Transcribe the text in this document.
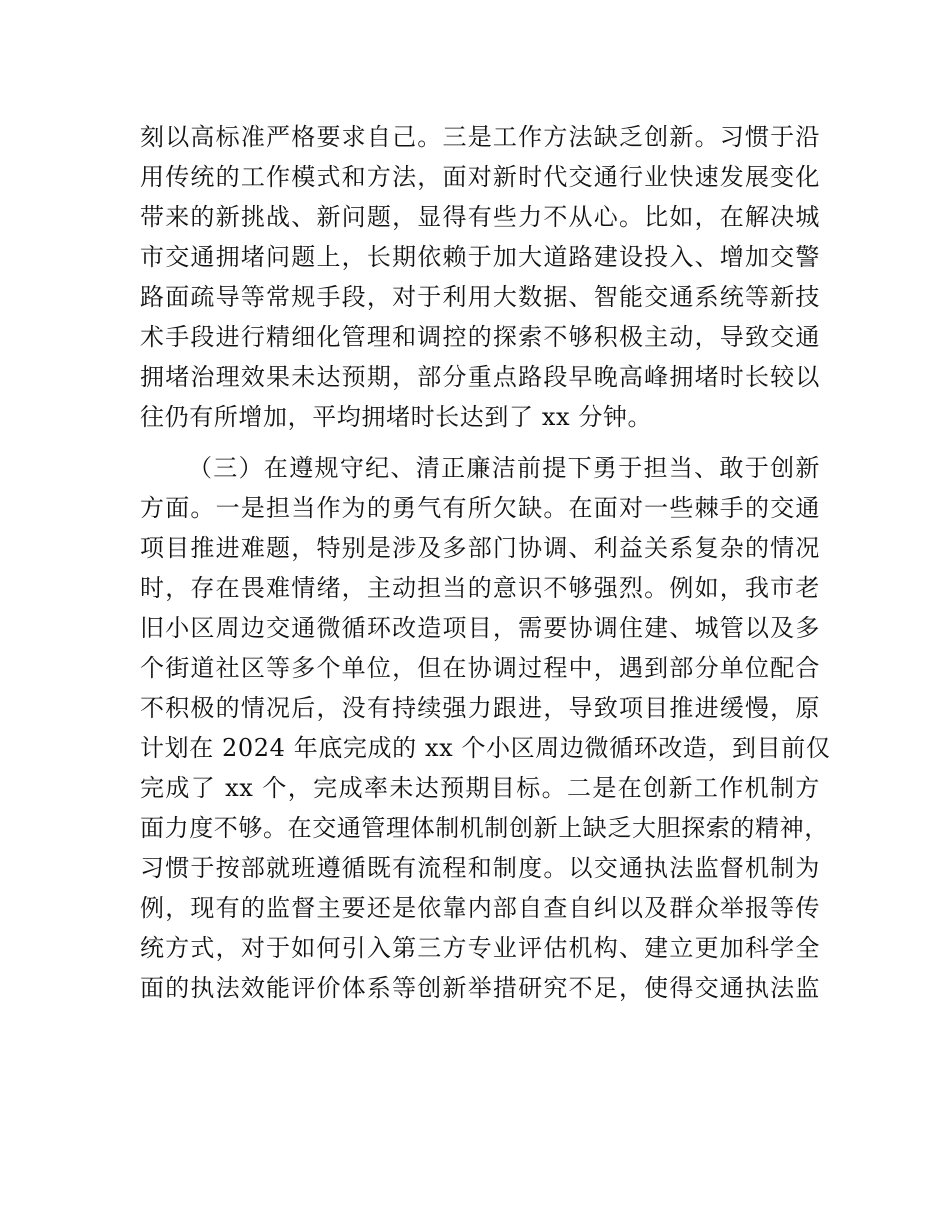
刻以高标准严格要求自己。三是工作方法缺乏创新。习惯于沿
用传统的工作模式和方法，面对新时代交通行业快速发展变化
带来的新挑战、新问题，显得有些力不从心。比如，在解决城
市交通拥堵问题上，长期依赖于加大道路建设投入、增加交警
路面疏导等常规手段，对于利用大数据、智能交通系统等新技
术手段进行精细化管理和调控的探索不够积极主动，导致交通
拥堵治理效果未达预期，部分重点路段早晚高峰拥堵时长较以
往仍有所增加，平均拥堵时长达到了 xx 分钟。
（三）在遵规守纪、清正廉洁前提下勇于担当、敢于创新
方面。一是担当作为的勇气有所欠缺。在面对一些棘手的交通
项目推进难题，特别是涉及多部门协调、利益关系复杂的情况
时，存在畏难情绪，主动担当的意识不够强烈。例如，我市老
旧小区周边交通微循环改造项目，需要协调住建、城管以及多
个街道社区等多个单位，但在协调过程中，遇到部分单位配合
不积极的情况后，没有持续强力跟进，导致项目推进缓慢，原
计划在 2024 年底完成的 xx 个小区周边微循环改造，到目前仅
完成了 xx 个，完成率未达预期目标。二是在创新工作机制方
面力度不够。在交通管理体制机制创新上缺乏大胆探索的精神，
习惯于按部就班遵循既有流程和制度。以交通执法监督机制为
例，现有的监督主要还是依靠内部自查自纠以及群众举报等传
统方式，对于如何引入第三方专业评估机构、建立更加科学全
面的执法效能评价体系等创新举措研究不足，使得交通执法监
